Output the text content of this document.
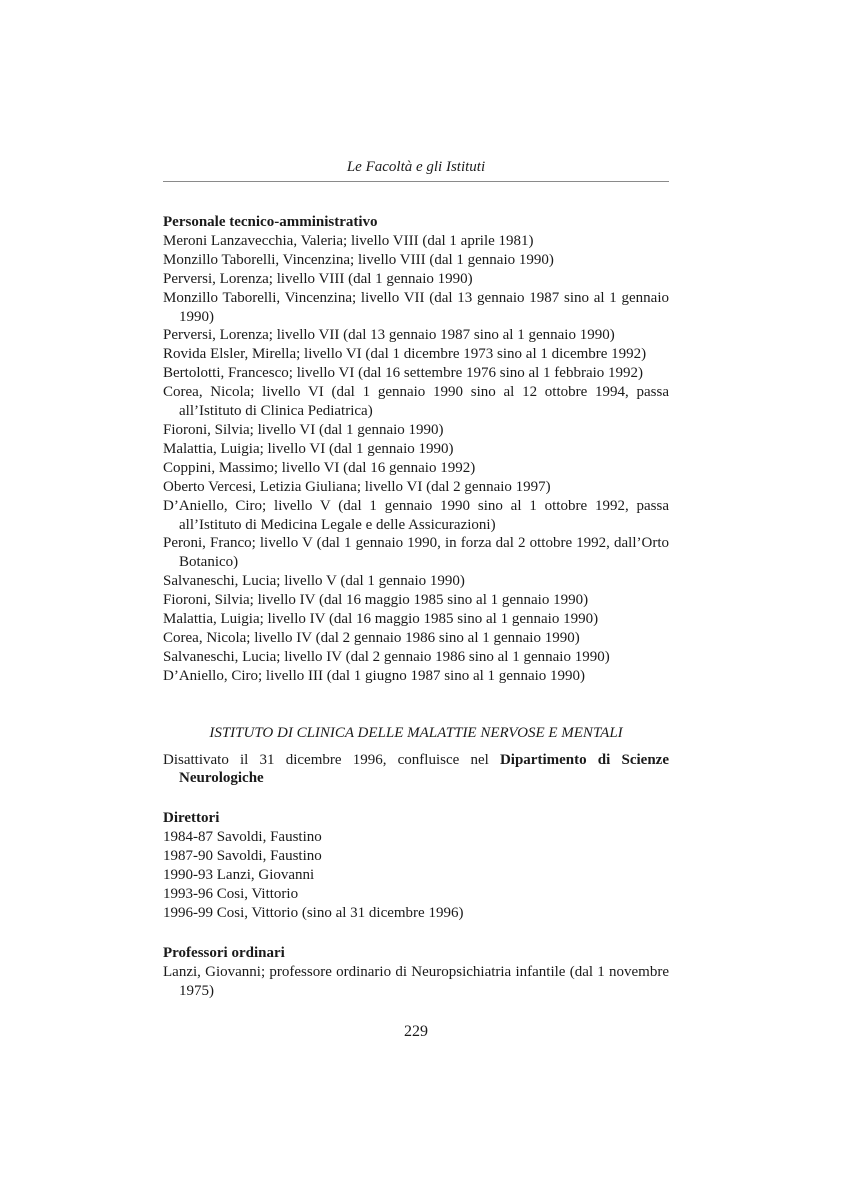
Le Facoltà e gli Istituti
Personale tecnico-amministrativo
Meroni Lanzavecchia, Valeria; livello VIII (dal 1 aprile 1981)
Monzillo Taborelli, Vincenzina; livello VIII (dal 1 gennaio 1990)
Perversi, Lorenza; livello VIII (dal 1 gennaio 1990)
Monzillo Taborelli, Vincenzina; livello VII (dal 13 gennaio 1987 sino al 1 gennaio 1990)
Perversi, Lorenza; livello VII (dal 13 gennaio 1987 sino al 1 gennaio 1990)
Rovida Elsler, Mirella; livello VI (dal 1 dicembre 1973 sino al 1 dicembre 1992)
Bertolotti, Francesco; livello VI (dal 16 settembre 1976 sino al 1 febbraio 1992)
Corea, Nicola; livello VI (dal 1 gennaio 1990 sino al 12 ottobre 1994, passa all’Istituto di Clinica Pediatrica)
Fioroni, Silvia; livello VI (dal 1 gennaio 1990)
Malattia, Luigia; livello VI (dal 1 gennaio 1990)
Coppini, Massimo; livello VI (dal 16 gennaio 1992)
Oberto Vercesi, Letizia Giuliana; livello VI (dal 2 gennaio 1997)
D’Aniello, Ciro; livello V (dal 1 gennaio 1990 sino al 1 ottobre 1992, passa all’Istituto di Medicina Legale e delle Assicurazioni)
Peroni, Franco; livello V (dal 1 gennaio 1990, in forza dal 2 ottobre 1992, dall’Orto Botanico)
Salvaneschi, Lucia; livello V (dal 1 gennaio 1990)
Fioroni, Silvia; livello IV (dal 16 maggio 1985 sino al 1 gennaio 1990)
Malattia, Luigia; livello IV (dal 16 maggio 1985 sino al 1 gennaio 1990)
Corea, Nicola; livello IV (dal 2 gennaio 1986 sino al 1 gennaio 1990)
Salvaneschi, Lucia; livello IV (dal 2 gennaio 1986 sino al 1 gennaio 1990)
D’Aniello, Ciro; livello III (dal 1 giugno 1987 sino al 1 gennaio 1990)
ISTITUTO DI CLINICA DELLE MALATTIE NERVOSE E MENTALI
Disattivato il 31 dicembre 1996, confluisce nel Dipartimento di Scienze Neurologiche
Direttori
1984-87 Savoldi, Faustino
1987-90 Savoldi, Faustino
1990-93 Lanzi, Giovanni
1993-96 Cosi, Vittorio
1996-99 Cosi, Vittorio (sino al 31 dicembre 1996)
Professori ordinari
Lanzi, Giovanni; professore ordinario di Neuropsichiatria infantile (dal 1 novembre 1975)
229
